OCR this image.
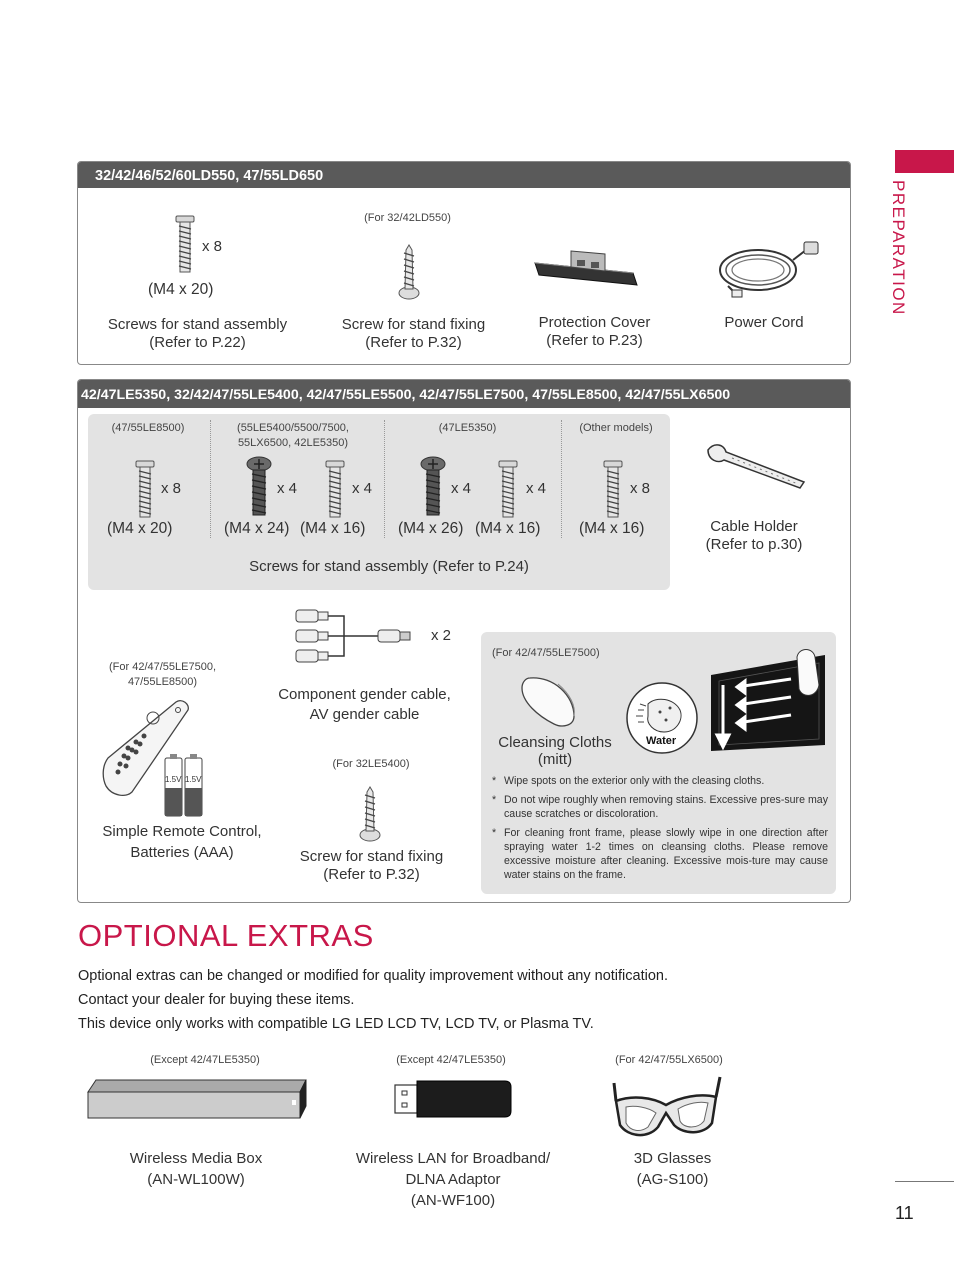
PREPARATION
32/42/46/52/60LD550, 47/55LD650
x 8
(M4 x 20)
Screws for stand assembly
(Refer to P.22)
(For 32/42LD550)
Screw for stand fixing
(Refer to P.32)
Protection Cover
(Refer to P.23)
Power Cord
42/47LE5350, 32/42/47/55LE5400, 42/47/55LE5500, 42/47/55LE7500, 47/55LE8500, 42/47/55LX6500
(47/55LE8500)
x 8
(M4 x 20)
(55LE5400/5500/7500,
55LX6500, 42LE5350)
x 4	x 4
(M4 x 24) (M4 x 16)
(47LE5350)
x 4	x 4
(M4 x 26) (M4 x 16)
(Other models)
x 8
(M4 x 16)
Screws for stand assembly (Refer to P.24)
Cable Holder
(Refer to p.30)
(For 42/47/55LE7500,
47/55LE8500)
1.5V 1.5V
Simple Remote Control,
Batteries (AAA)
x 2
Component gender cable,
AV gender cable
(For 32LE5400)
Screw for stand fixing
(Refer to P.32)
(For 42/47/55LE7500)
Water
Cleansing Cloths
(mitt)
* Wipe spots on the exterior only with the cleasing cloths.
* Do not wipe roughly when removing stains. Excessive pres-sure may cause scratches or discoloration.
* For cleaning front frame, please slowly wipe in one direction after spraying water 1-2 times on cleansing cloths. Please remove excessive moisture after cleaning. Excessive mois-ture may cause water stains on the frame.
OPTIONAL EXTRAS
Optional extras can be changed or modified for quality improvement without any notification.
Contact your dealer for buying these items.
This device only works with compatible LG LED LCD TV, LCD TV, or Plasma TV.
(Except 42/47LE5350)
Wireless Media Box
(AN-WL100W)
(Except 42/47LE5350)
Wireless LAN for Broadband/
DLNA Adaptor
(AN-WF100)
(For 42/47/55LX6500)
3D Glasses
(AG-S100)
11
